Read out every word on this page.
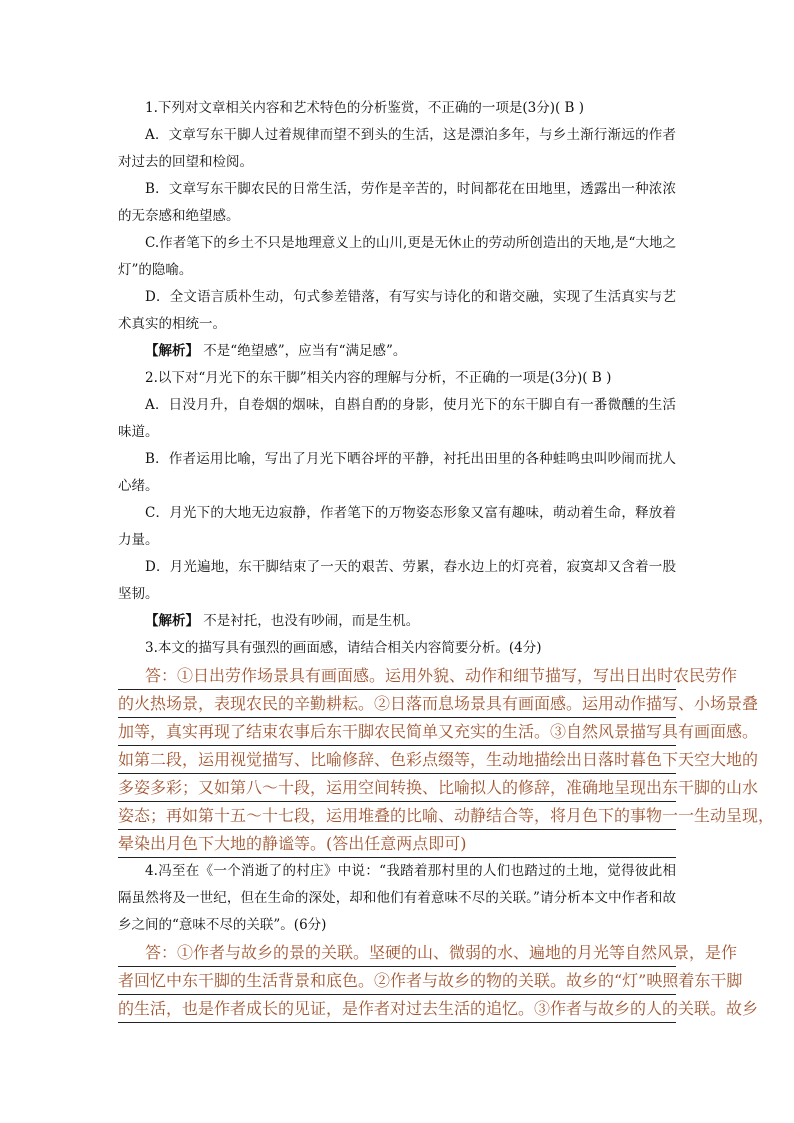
1.下列对文章相关内容和艺术特色的分析鉴赏，不正确的一项是(3分)( B )

A．文章写东干脚人过着规律而望不到头的生活，这是漂泊多年，与乡土渐行渐远的作者对过去的回望和检阅。

B．文章写东干脚农民的日常生活，劳作是辛苦的，时间都花在田地里，透露出一种浓浓的无奈感和绝望感。

C.作者笔下的乡土不只是地理意义上的山川,更是无休止的劳动所创造出的天地,是“大地之灯”的隐喻。

D．全文语言质朴生动，句式参差错落，有写实与诗化的和谐交融，实现了生活真实与艺术真实的相统一。

【解析】 不是“绝望感”，应当有“满足感”。

2.以下对“月光下的东干脚”相关内容的理解与分析，不正确的一项是(3分)( B )

A．日没月升，自卷烟的烟味，自斟自酌的身影，使月光下的东干脚自有一番微醺的生活味道。

B．作者运用比喻，写出了月光下晒谷坪的平静，衬托出田里的各种蛙鸣虫叫吵闹而扰人心绪。

C．月光下的大地无边寂静，作者笔下的万物姿态形象又富有趣味，萌动着生命，释放着力量。

D．月光遍地，东干脚结束了一天的艰苦、劳累，舂水边上的灯亮着，寂寞却又含着一股坚韧。

【解析】 不是衬托，也没有吵闹，而是生机。

3.本文的描写具有强烈的画面感，请结合相关内容简要分析。(4分)

答：①日出劳作场景具有画面感。运用外貌、动作和细节描写，写出日出时农民劳作
的火热场景，表现农民的辛勤耕耘。②日落而息场景具有画面感。运用动作描写、小场景叠
加等，真实再现了结束农事后东干脚农民简单又充实的生活。③自然风景描写具有画面感。
如第二段，运用视觉描写、比喻修辞、色彩点缀等，生动地描绘出日落时暮色下天空大地的
多姿多彩；又如第八～十段，运用空间转换、比喻拟人的修辞，准确地呈现出东干脚的山水
姿态；再如第十五～十七段，运用堆叠的比喻、动静结合等，将月色下的事物一一生动呈现，
晕染出月色下大地的静谧等。(答出任意两点即可)

4.冯至在《一个消逝了的村庄》中说：“我踏着那村里的人们也踏过的土地，觉得彼此相隔虽然将及一世纪，但在生命的深处，却和他们有着意味不尽的关联。”请分析本文中作者和故乡之间的“意味不尽的关联”。(6分)

答：①作者与故乡的景的关联。坚硬的山、微弱的水、遍地的月光等自然风景，是作
者回忆中东干脚的生活背景和底色。②作者与故乡的物的关联。故乡的“灯”映照着东干脚
的生活，也是作者成长的见证，是作者对过去生活的追忆。③作者与故乡的人的关联。故乡
